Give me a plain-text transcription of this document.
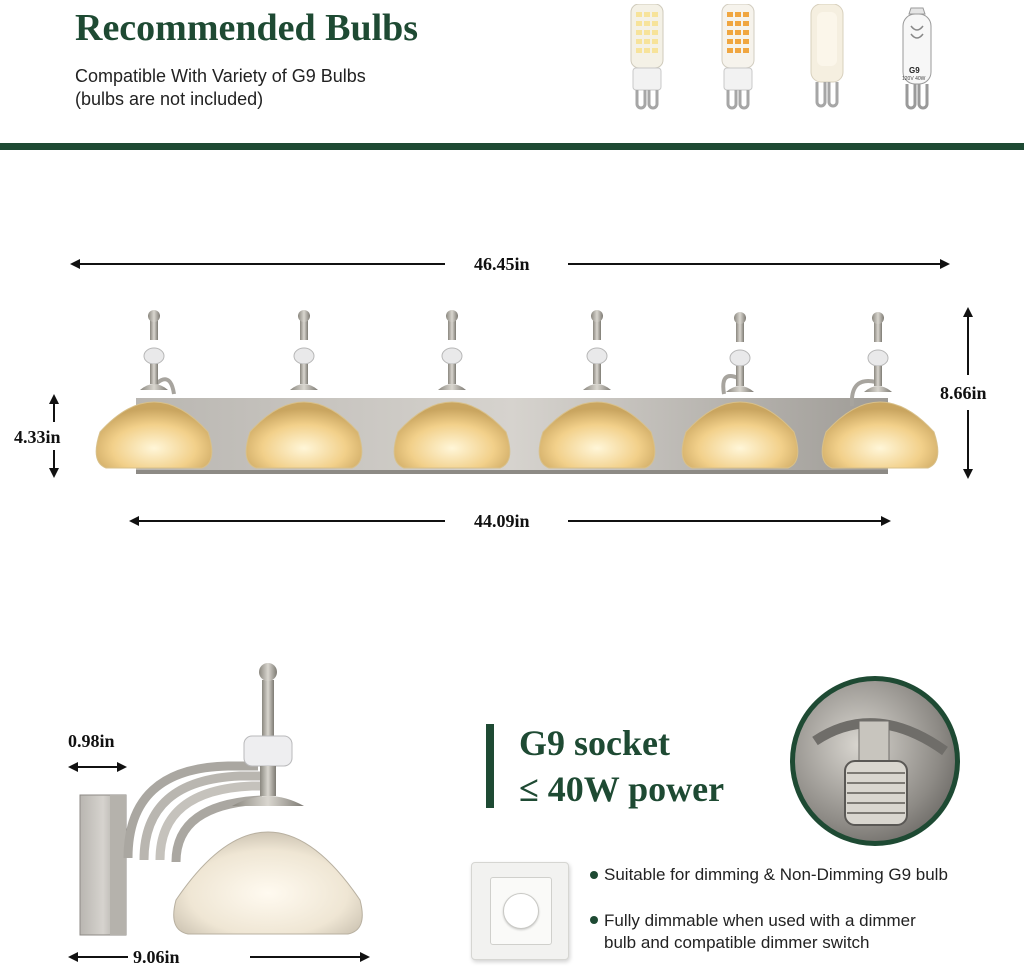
Recommended Bulbs
Compatible With Variety of G9 Bulbs
(bulbs are not included)
G9
120V 40W
46.45in
44.09in
8.66in
4.33in
0.98in
9.06in
G9 socket
≤ 40W power
Suitable for dimming & Non-Dimming G9 bulb
Fully dimmable when used with a dimmer
bulb and compatible dimmer switch
